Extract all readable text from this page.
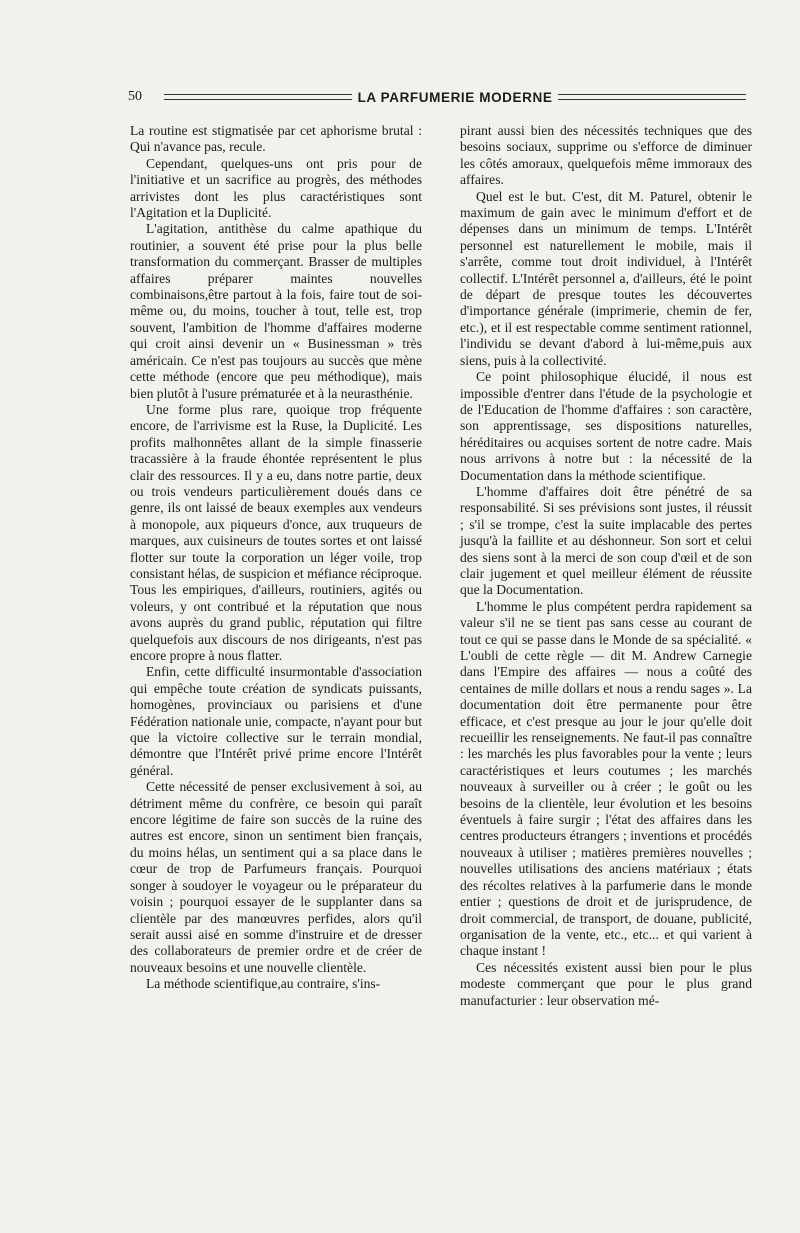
50	LA PARFUMERIE MODERNE

La routine est stigmatisée par cet aphorisme brutal : Qui n'avance pas, recule.

Cependant, quelques-uns ont pris pour de l'initiative et un sacrifice au progrès, des méthodes arrivistes dont les plus caractéristiques sont l'Agitation et la Duplicité.

L'agitation, antithèse du calme apathique du routinier, a souvent été prise pour la plus belle transformation du commerçant. Brasser de multiples affaires préparer maintes nouvelles combinaisons,être partout à la fois, faire tout de soi-même ou, du moins, toucher à tout, telle est, trop souvent, l'ambition de l'homme d'affaires moderne qui croit ainsi devenir un « Businessman » très américain. Ce n'est pas toujours au succès que mène cette méthode (encore que peu méthodique), mais bien plutôt à l'usure prématurée et à la neurasthénie.

Une forme plus rare, quoique trop fréquente encore, de l'arrivisme est la Ruse, la Duplicité. Les profits malhonnêtes allant de la simple finasserie tracassière à la fraude éhontée représentent le plus clair des ressources. Il y a eu, dans notre partie, deux ou trois vendeurs particulièrement doués dans ce genre, ils ont laissé de beaux exemples aux vendeurs à monopole, aux piqueurs d'once, aux truqueurs de marques, aux cuisineurs de toutes sortes et ont laissé flotter sur toute la corporation un léger voile, trop consistant hélas, de suspicion et méfiance réciproque. Tous les empiriques, d'ailleurs, routiniers, agités ou voleurs, y ont contribué et la réputation que nous avons auprès du grand public, réputation qui filtre quelquefois aux discours de nos dirigeants, n'est pas encore propre à nous flatter.

Enfin, cette difficulté insurmontable d'association qui empêche toute création de syndicats puissants, homogènes, provinciaux ou parisiens et d'une Fédération nationale unie, compacte, n'ayant pour but que la victoire collective sur le terrain mondial, démontre que l'Intérêt privé prime encore l'Intérêt général.

Cette nécessité de penser exclusivement à soi, au détriment même du confrère, ce besoin qui paraît encore légitime de faire son succès de la ruine des autres est encore, sinon un sentiment bien français, du moins hélas, un sentiment qui a sa place dans le cœur de trop de Parfumeurs français. Pourquoi songer à soudoyer le voyageur ou le préparateur du voisin ; pourquoi essayer de le supplanter dans sa clientèle par des manœuvres perfides, alors qu'il serait aussi aisé en somme d'instruire et de dresser des collaborateurs de premier ordre et de créer de nouveaux besoins et une nouvelle clientèle.

La méthode scientifique,au contraire, s'ins-

pirant aussi bien des nécessités techniques que des besoins sociaux, supprime ou s'efforce de diminuer les côtés amoraux, quelquefois même immoraux des affaires.

Quel est le but. C'est, dit M. Paturel, obtenir le maximum de gain avec le minimum d'effort et de dépenses dans un minimum de temps. L'Intérêt personnel est naturellement le mobile, mais il s'arrête, comme tout droit individuel, à l'Intérêt collectif. L'Intérêt personnel a, d'ailleurs, été le point de départ de presque toutes les découvertes d'importance générale (imprimerie, chemin de fer, etc.), et il est respectable comme sentiment rationnel, l'individu se devant d'abord à lui-même,puis aux siens, puis à la collectivité.

Ce point philosophique élucidé, il nous est impossible d'entrer dans l'étude de la psychologie et de l'Education de l'homme d'affaires : son caractère, son apprentissage, ses dispositions naturelles, héréditaires ou acquises sortent de notre cadre. Mais nous arrivons à notre but : la nécessité de la Documentation dans la méthode scientifique.

L'homme d'affaires doit être pénétré de sa responsabilité. Si ses prévisions sont justes, il réussit ; s'il se trompe, c'est la suite implacable des pertes jusqu'à la faillite et au déshonneur. Son sort et celui des siens sont à la merci de son coup d'œil et de son clair jugement et quel meilleur élément de réussite que la Documentation.

L'homme le plus compétent perdra rapidement sa valeur s'il ne se tient pas sans cesse au courant de tout ce qui se passe dans le Monde de sa spécialité. « L'oubli de cette règle — dit M. Andrew Carnegie dans l'Empire des affaires — nous a coûté des centaines de mille dollars et nous a rendu sages ». La documentation doit être permanente pour être efficace, et c'est presque au jour le jour qu'elle doit recueillir les renseignements. Ne faut-il pas connaître : les marchés les plus favorables pour la vente ; leurs caractéristiques et leurs coutumes ; les marchés nouveaux à surveiller ou à créer ; le goût ou les besoins de la clientèle, leur évolution et les besoins éventuels à faire surgir ; l'état des affaires dans les centres producteurs étrangers ; inventions et procédés nouveaux à utiliser ; matières premières nouvelles ; nouvelles utilisations des anciens matériaux ; états des récoltes relatives à la parfumerie dans le monde entier ; questions de droit et de jurisprudence, de droit commercial, de transport, de douane, publicité, organisation de la vente, etc., etc... et qui varient à chaque instant !

Ces nécessités existent aussi bien pour le plus modeste commerçant que pour le plus grand manufacturier : leur observation mé-
